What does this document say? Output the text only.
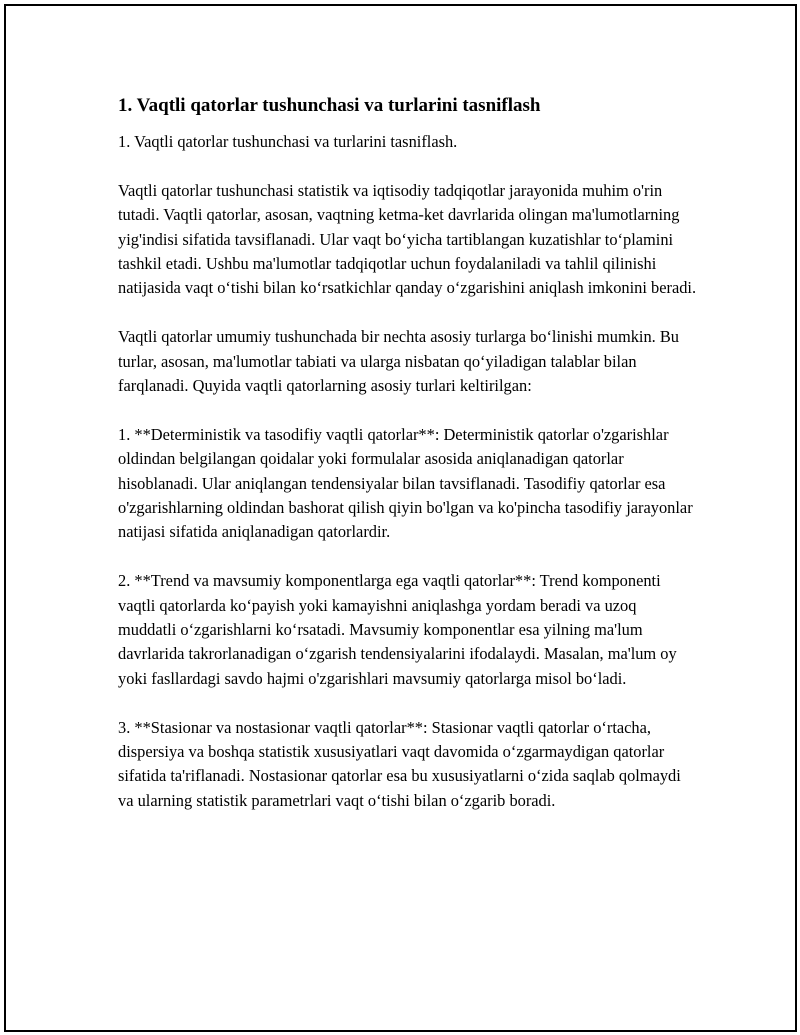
1. Vaqtli qatorlar tushunchasi va turlarini tasniflash

1. Vaqtli qatorlar tushunchasi va turlarini tasniflash.

Vaqtli qatorlar tushunchasi statistik va iqtisodiy tadqiqotlar jarayonida muhim o'rin tutadi. Vaqtli qatorlar, asosan, vaqtning ketma-ket davrlarida olingan ma'lumotlarning yig'indisi sifatida tavsiflanadi. Ular vaqt bo‘yicha tartiblangan kuzatishlar to‘plamini tashkil etadi. Ushbu ma'lumotlar tadqiqotlar uchun foydalaniladi va tahlil qilinishi natijasida vaqt o‘tishi bilan ko‘rsatkichlar qanday o‘zgarishini aniqlash imkonini beradi.

Vaqtli qatorlar umumiy tushunchada bir nechta asosiy turlarga bo‘linishi mumkin. Bu turlar, asosan, ma'lumotlar tabiati va ularga nisbatan qo‘yiladigan talablar bilan farqlanadi. Quyida vaqtli qatorlarning asosiy turlari keltirilgan:

1. **Deterministik va tasodifiy vaqtli qatorlar**: Deterministik qatorlar o'zgarishlar oldindan belgilangan qoidalar yoki formulalar asosida aniqlanadigan qatorlar hisoblanadi. Ular aniqlangan tendensiyalar bilan tavsiflanadi. Tasodifiy qatorlar esa o'zgarishlarning oldindan bashorat qilish qiyin bo'lgan va ko'pincha tasodifiy jarayonlar natijasi sifatida aniqlanadigan qatorlardir.

2. **Trend va mavsumiy komponentlarga ega vaqtli qatorlar**: Trend komponenti vaqtli qatorlarda ko‘payish yoki kamayishni aniqlashga yordam beradi va uzoq muddatli o‘zgarishlarni ko‘rsatadi. Mavsumiy komponentlar esa yilning ma'lum davrlarida takrorlanadigan o‘zgarish tendensiyalarini ifodalaydi. Masalan, ma'lum oy yoki fasllardagi savdo hajmi o'zgarishlari mavsumiy qatorlarga misol bo‘ladi.

3. **Stasionar va nostasionar vaqtli qatorlar**: Stasionar vaqtli qatorlar o‘rtacha, dispersiya va boshqa statistik xususiyatlari vaqt davomida o‘zgarmaydigan qatorlar sifatida ta'riflanadi. Nostasionar qatorlar esa bu xususiyatlarni o‘zida saqlab qolmaydi va ularning statistik parametrlari vaqt o‘tishi bilan o‘zgarib boradi.
